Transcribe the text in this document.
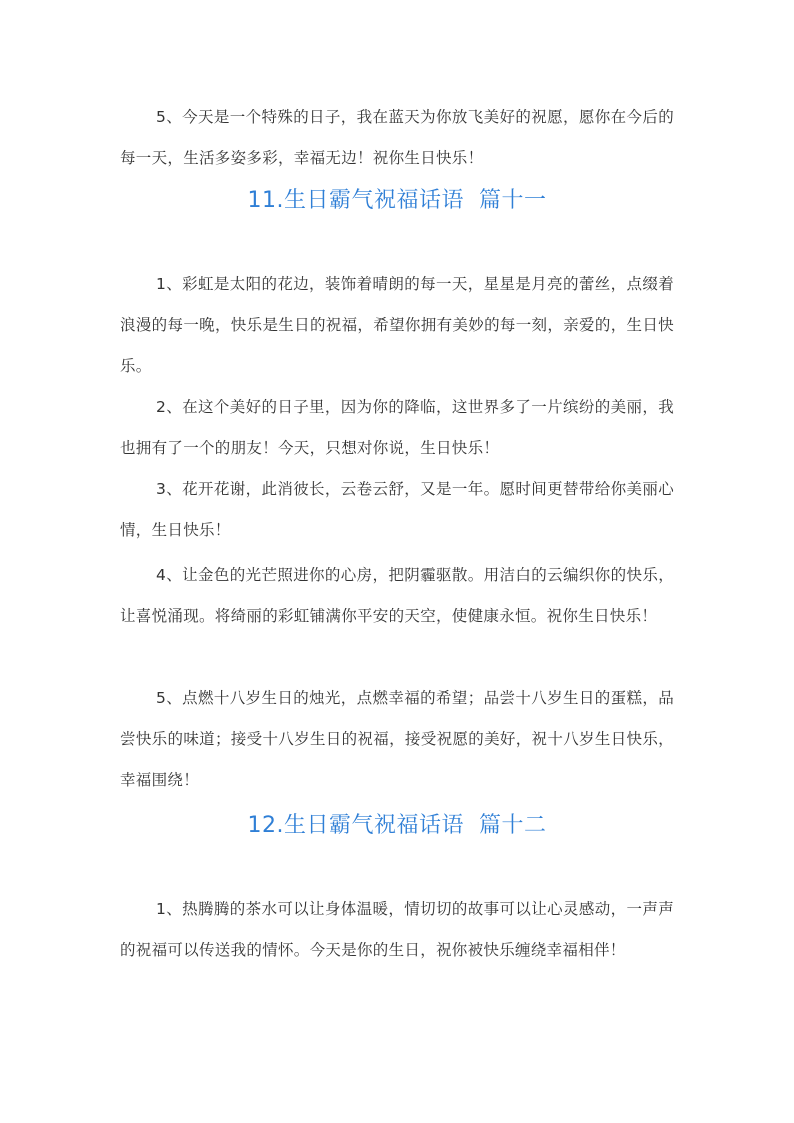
5、今天是一个特殊的日子，我在蓝天为你放飞美好的祝愿，愿你在今后的每一天，生活多姿多彩，幸福无边！祝你生日快乐！

11.生日霸气祝福话语  篇十一

1、彩虹是太阳的花边，装饰着晴朗的每一天，星星是月亮的蕾丝，点缀着浪漫的每一晚，快乐是生日的祝福，希望你拥有美妙的每一刻，亲爱的，生日快乐。

2、在这个美好的日子里，因为你的降临，这世界多了一片缤纷的美丽，我也拥有了一个的朋友！今天，只想对你说，生日快乐！

3、花开花谢，此消彼长，云卷云舒，又是一年。愿时间更替带给你美丽心情，生日快乐！

4、让金色的光芒照进你的心房，把阴霾驱散。用洁白的云编织你的快乐，让喜悦涌现。将绮丽的彩虹铺满你平安的天空，使健康永恒。祝你生日快乐！

5、点燃十八岁生日的烛光，点燃幸福的希望；品尝十八岁生日的蛋糕，品尝快乐的味道；接受十八岁生日的祝福，接受祝愿的美好，祝十八岁生日快乐，幸福围绕！

12.生日霸气祝福话语  篇十二

1、热腾腾的茶水可以让身体温暖，情切切的故事可以让心灵感动，一声声的祝福可以传送我的情怀。今天是你的生日，祝你被快乐缠绕幸福相伴！
